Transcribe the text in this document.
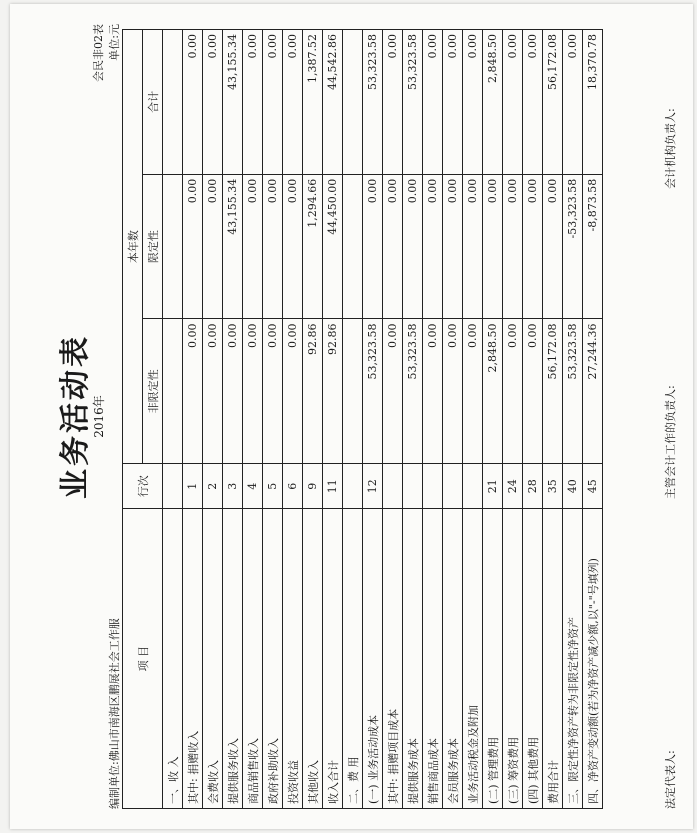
业务活动表 2016年
会民非02表 单位:元
编制单位:佛山市南海区鹏展社会工作服 项 目	行次	本年数		
		非限定性	限定性	合计
一、收 入				
其中: 捐赠收入	1	0.00	0.00	0.00
会费收入	2	0.00	0.00	0.00
提供服务收入	3	0.00	43,155.34	43,155.34
商品销售收入	4	0.00	0.00	0.00
政府补助收入	5	0.00	0.00	0.00
投资收益	6	0.00	0.00	0.00
其他收入	9	92.86	1,294.66	1,387.52
收入合计	11	92.86	44,450.00	44,542.86
二、费 用				
(一) 业务活动成本	12	53,323.58	0.00	53,323.58
其中: 捐赠项目成本		0.00	0.00	0.00
提供服务成本		53,323.58	0.00	53,323.58
销售商品成本		0.00	0.00	0.00
会员服务成本		0.00	0.00	0.00
业务活动税金及附加		0.00	0.00	0.00
(二) 管理费用	21	2,848.50	0.00	2,848.50
(三) 筹资费用	24	0.00	0.00	0.00
(四) 其他费用	28	0.00	0.00	0.00
费用合计	35	56,172.08	0.00	56,172.08
三、限定性净资产转为非限定性净资产	40	53,323.58	-53,323.58	0.00
四、净资产变动额(若为净资产减少额,以"-"号填列)	45	27,244.36	-8,873.58	18,370.78
法定代表人:
主管会计工作的负责人:
会计机构负责人:
